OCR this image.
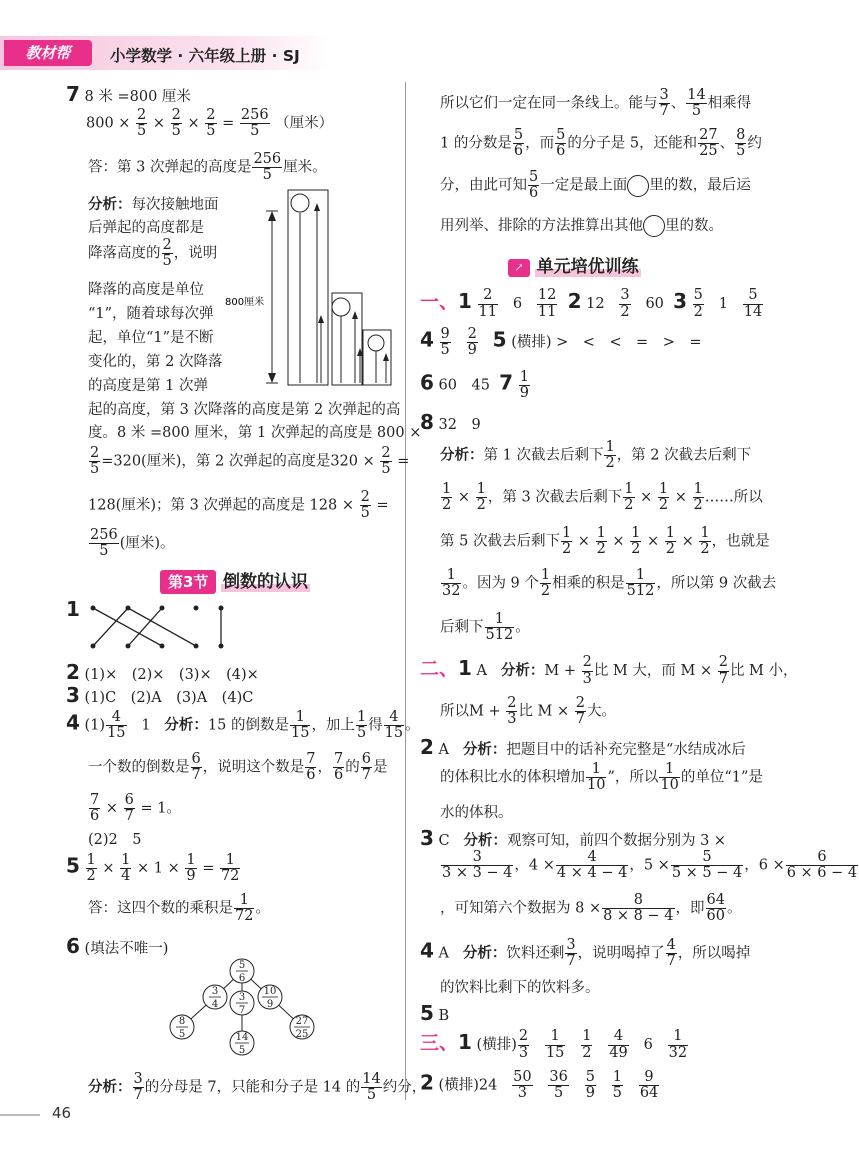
教材帮	小学数学 · 六年级上册 · SJ
7 8 米 =800 厘米
$800 \times \frac{2}{5} \times \frac{2}{5} \times \frac{2}{5} = \frac{256}{5}$ （厘米）
答：第 3 次弹起的高度是 $\frac{256}{5}$ 厘米。
分析：每次接触地面
后弹起的高度都是
降落高度的 $\frac{2}{5}$ ，说明
降落的高度是单位
“1”，随着球每次弹
起，单位“1”是不断
变化的，第 2 次降落
的高度是第 1 次弹
800厘米
起的高度，第 3 次降落的高度是第 2 次弹起的高
度。8 米 =800 厘米，第 1 次弹起的高度是 800 ×
$\frac{2}{5} =320$(厘米)，第 2 次弹起的高度是$320 \times \frac{2}{5}$ =
128(厘米)；第 3 次弹起的高度是 $128 \times \frac{2}{5}$ =
$\frac{256}{5}$ (厘米)。
第3节 倒数的认识
1
2 (1)×　(2)×　(3)×　(4)×
3 (1)C　(2)A　(3)A　(4)C
4 $(1) \frac{4}{15} 1$ 分析：15 的倒数是 $\frac{1}{15}$ ，加上 $\frac{1}{5}$ 得 $\frac{4}{15}$ 。
一个数的倒数是 $\frac{6}{7}$ ，说明这个数是 $\frac{7}{6}$ ， $\frac{7}{6}$ 的 $\frac{6}{7}$ 是
$\frac{7}{6} \times \frac{6}{7} = 1$。
(2)2　5
$5 \frac{1}{2} \times \frac{1}{4} \times 1 \times \frac{1}{9} = \frac{1}{72}$
答：这四个数的乘积是 $\frac{1}{72}$ 。
6 (填法不唯一)
5
6
3
4
3
7
10
9
8
5	14
5
27
25
分析： $\frac{3}{7}$ 的分母是 7，只能和分子是 14 的 $\frac{14}{5}$ 约分，
所以它们一定在同一条线上。能与 $\frac{3}{7}$ 、 $\frac{14}{5}$ 相乘得
1 的分数是 $\frac{5}{6}$ ，而 $\frac{5}{6}$ 的分子是 5，还能和 $\frac{27}{25}$ 、 $\frac{8}{5}$ 约
分，由此可知 $\frac{5}{6}$ 一定是最上面 里的数，最后运
用列举、排除的方法推算出其他 里的数。
↗ 单元培优训练
一、$1 \frac{2}{11} 6 \frac{12}{11} 2$ $12 \frac{3}{2} 60$ $3 \frac{5}{2} 1 \frac{5}{14}$
$4 \frac{9}{5}$
$\frac{2}{9} 5$ (横排) >　<　<　=　>　=
6 60　45 $7 \frac{1}{9}$
8 32　9
分析：第 1 次截去后剩下 $\frac{1}{2}$ ，第 2 次截去后剩下
$\frac{1}{2} \times \frac{1}{2}$ ，第 3 次截去后剩下 $\frac{1}{2} \times \frac{1}{2} \times \frac{1}{2}$ ……所以
第 5 次截去后剩下 $\frac{1}{2} \times \frac{1}{2} \times \frac{1}{2} \times \frac{1}{2} \times \frac{1}{2}$ ，也就是
$\frac{1}{32}$ 。因为 9 个 $\frac{1}{2}$ 相乘的积是 $\frac{1}{512}$ ，所以第 9 次截去
后剩下 $\frac{1}{512}$ 。
二、1 A 分析：$M + \frac{2}{3}$ 比 M 大，而 $M \times \frac{2}{7}$ 比 M 小，
所以$M + \frac{2}{3}$ 比 $M \times \frac{2}{7}$ 大。
2 A 分析：把题目中的话补充完整是“水结成冰后
的体积比水的体积增加 $\frac{1}{10}$ ”，所以 $\frac{1}{10}$ 的单位“1”是
水的体积。
3 C 分析：观察可知，前四个数据分别为 3 ×
$\frac{3}{3 \times 3 - 4}$ ，$4 \times \frac{4}{4 \times 4 - 4}$ ，$5 \times \frac{5}{5 \times 5 - 4}$ ，$6 \times \frac{6}{6 \times 6 - 4}$
，可知第六个数据为 $8 \times \frac{8}{8 \times 8 - 4}$ ，即 $\frac{64}{60}$ 。
4 A 分析：饮料还剩 $\frac{3}{7}$ ，说明喝掉了 $\frac{4}{7}$ ，所以喝掉
的饮料比剩下的饮料多。
5 B
三、1 (横排) $\frac{2}{3}$
$\frac{1}{15}$
$\frac{1}{2}$
$\frac{4}{49} 6 \frac{1}{32}$
2 (横排)$24 \frac{50}{3}$
$\frac{36}{5}$
$\frac{5}{9}$
$\frac{1}{5}$
$\frac{9}{64}$
46
